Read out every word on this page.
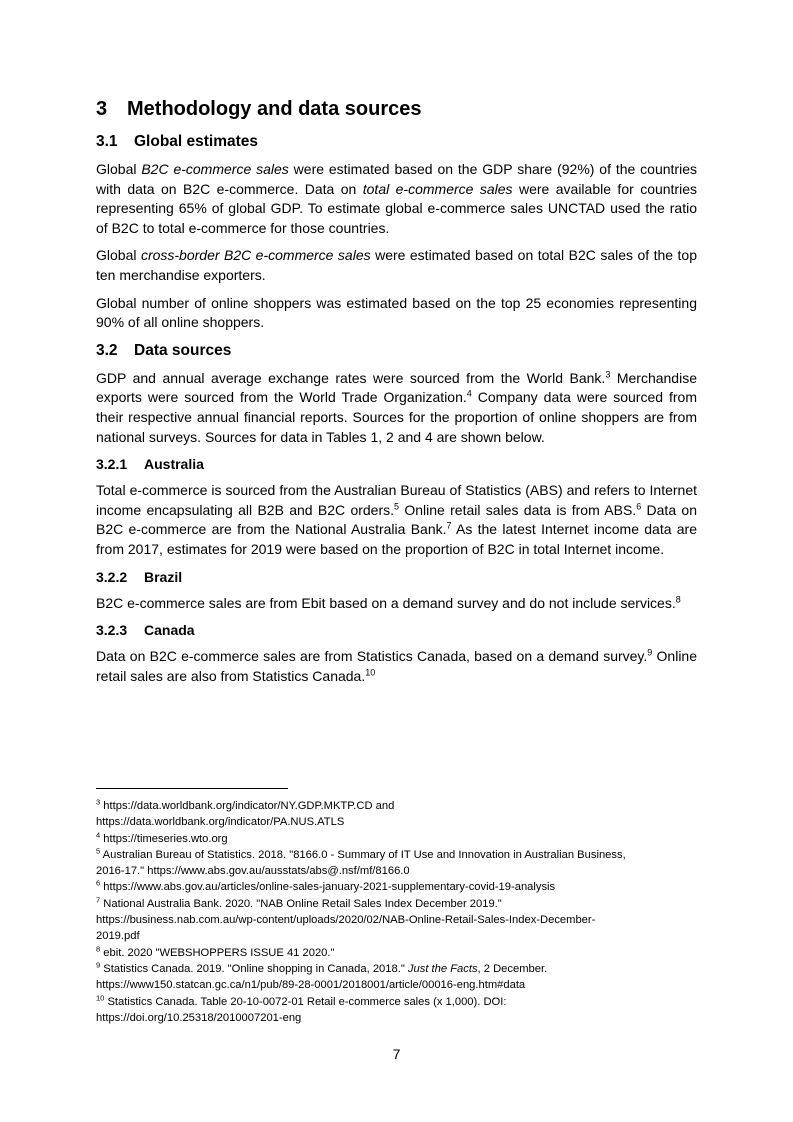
3 Methodology and data sources
3.1 Global estimates

Global B2C e-commerce sales were estimated based on the GDP share (92%) of the countries with data on B2C e-commerce. Data on total e-commerce sales were available for countries representing 65% of global GDP. To estimate global e-commerce sales UNCTAD used the ratio of B2C to total e-commerce for those countries.

Global cross-border B2C e-commerce sales were estimated based on total B2C sales of the top ten merchandise exporters.

Global number of online shoppers was estimated based on the top 25 economies representing 90% of all online shoppers.

3.2 Data sources

GDP and annual average exchange rates were sourced from the World Bank.$^3$ Merchandise exports were sourced from the World Trade Organization.$^4$ Company data were sourced from their respective annual financial reports. Sources for the proportion of online shoppers are from national surveys. Sources for data in Tables 1, 2 and 4 are shown below.

3.2.1 Australia

Total e-commerce is sourced from the Australian Bureau of Statistics (ABS) and refers to Internet income encapsulating all B2B and B2C orders.$^5$ Online retail sales data is from ABS.$^6$ Data on B2C e-commerce are from the National Australia Bank.$^7$ As the latest Internet income data are from 2017, estimates for 2019 were based on the proportion of B2C in total Internet income.

3.2.2 Brazil

B2C e-commerce sales are from Ebit based on a demand survey and do not include services.$^8$

3.2.3 Canada

Data on B2C e-commerce sales are from Statistics Canada, based on a demand survey.$^9$ Online retail sales are also from Statistics Canada.$^{10}$

$^3$ https://data.worldbank.org/indicator/NY.GDP.MKTP.CD and
https://data.worldbank.org/indicator/PA.NUS.ATLS
$^4$ https://timeseries.wto.org
$^5$ Australian Bureau of Statistics. 2018. "8166.0 - Summary of IT Use and Innovation in Australian Business,
2016-17." https://www.abs.gov.au/ausstats/abs@.nsf/mf/8166.0
$^6$ https://www.abs.gov.au/articles/online-sales-january-2021-supplementary-covid-19-analysis
$^7$ National Australia Bank. 2020. "NAB Online Retail Sales Index December 2019."
https://business.nab.com.au/wp-content/uploads/2020/02/NAB-Online-Retail-Sales-Index-December-
2019.pdf
$^8$ ebit. 2020 "WEBSHOPPERS ISSUE 41 2020."
$^9$ Statistics Canada. 2019. "Online shopping in Canada, 2018." Just the Facts, 2 December.
https://www150.statcan.gc.ca/n1/pub/89-28-0001/2018001/article/00016-eng.htm#data
$^{10}$ Statistics Canada. Table 20-10-0072-01 Retail e-commerce sales (x 1,000). DOI:
https://doi.org/10.25318/2010007201-eng
7
